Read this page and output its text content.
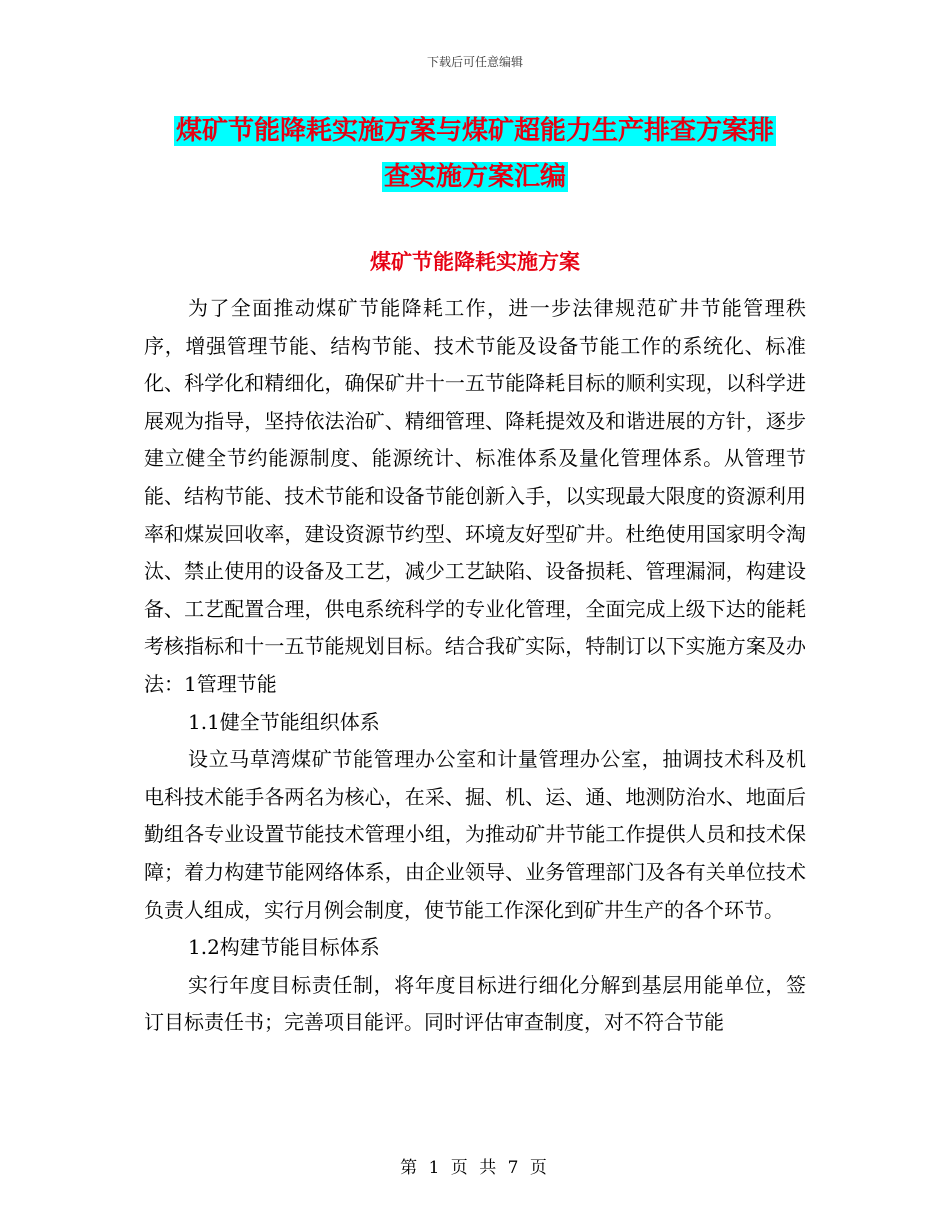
下载后可任意编辑
煤矿节能降耗实施方案与煤矿超能力生产排查方案排
查实施方案汇编
煤矿节能降耗实施方案

为了全面推动煤矿节能降耗工作，进一步法律规范矿井节能管理秩序，增强管理节能、结构节能、技术节能及设备节能工作的系统化、标准化、科学化和精细化，确保矿井十一五节能降耗目标的顺利实现，以科学进展观为指导，坚持依法治矿、精细管理、降耗提效及和谐进展的方针，逐步建立健全节约能源制度、能源统计、标准体系及量化管理体系。从管理节能、结构节能、技术节能和设备节能创新入手，以实现最大限度的资源利用率和煤炭回收率，建设资源节约型、环境友好型矿井。杜绝使用国家明令淘汰、禁止使用的设备及工艺，减少工艺缺陷、设备损耗、管理漏洞，构建设备、工艺配置合理，供电系统科学的专业化管理，全面完成上级下达的能耗考核指标和十一五节能规划目标。结合我矿实际，特制订以下实施方案及办法：1管理节能

1.1健全节能组织体系

设立马草湾煤矿节能管理办公室和计量管理办公室，抽调技术科及机电科技术能手各两名为核心，在采、掘、机、运、通、地测防治水、地面后勤组各专业设置节能技术管理小组，为推动矿井节能工作提供人员和技术保障；着力构建节能网络体系，由企业领导、业务管理部门及各有关单位技术负责人组成，实行月例会制度，使节能工作深化到矿井生产的各个环节。

1.2构建节能目标体系

实行年度目标责任制，将年度目标进行细化分解到基层用能单位，签订目标责任书；完善项目能评。同时评估审查制度，对不符合节能

第 1 页 共 7 页
